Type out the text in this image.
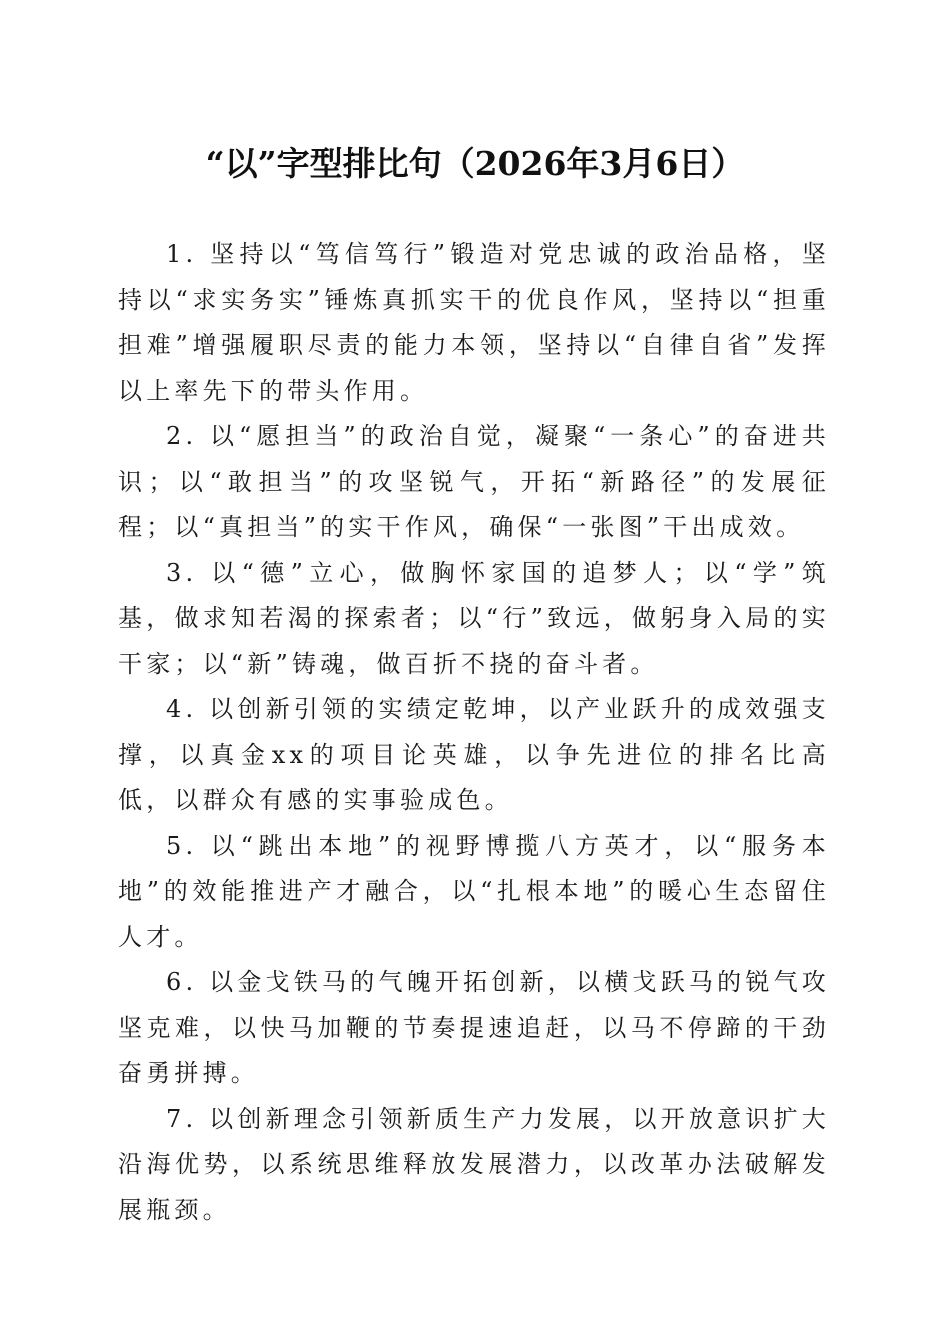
“以”字型排比句（2026年3月6日）

1. 坚持以“笃信笃行”锻造对党忠诚的政治品格，坚持以“求实务实”锤炼真抓实干的优良作风，坚持以“担重担难”增强履职尽责的能力本领，坚持以“自律自省”发挥以上率先下的带头作用。

2. 以“愿担当”的政治自觉，凝聚“一条心”的奋进共识；以“敢担当”的攻坚锐气，开拓“新路径”的发展征程；以“真担当”的实干作风，确保“一张图”干出成效。

3. 以“德”立心，做胸怀家国的追梦人；以“学”筑基，做求知若渴的探索者；以“行”致远，做躬身入局的实干家；以“新”铸魂，做百折不挠的奋斗者。

4. 以创新引领的实绩定乾坤，以产业跃升的成效强支撑，以真金xx的项目论英雄，以争先进位的排名比高低，以群众有感的实事验成色。

5. 以“跳出本地”的视野博揽八方英才，以“服务本地”的效能推进产才融合，以“扎根本地”的暖心生态留住人才。

6. 以金戈铁马的气魄开拓创新，以横戈跃马的锐气攻坚克难，以快马加鞭的节奏提速追赶，以马不停蹄的干劲奋勇拼搏。

7. 以创新理念引领新质生产力发展，以开放意识扩大沿海优势，以系统思维释放发展潜力，以改革办法破解发展瓶颈。
